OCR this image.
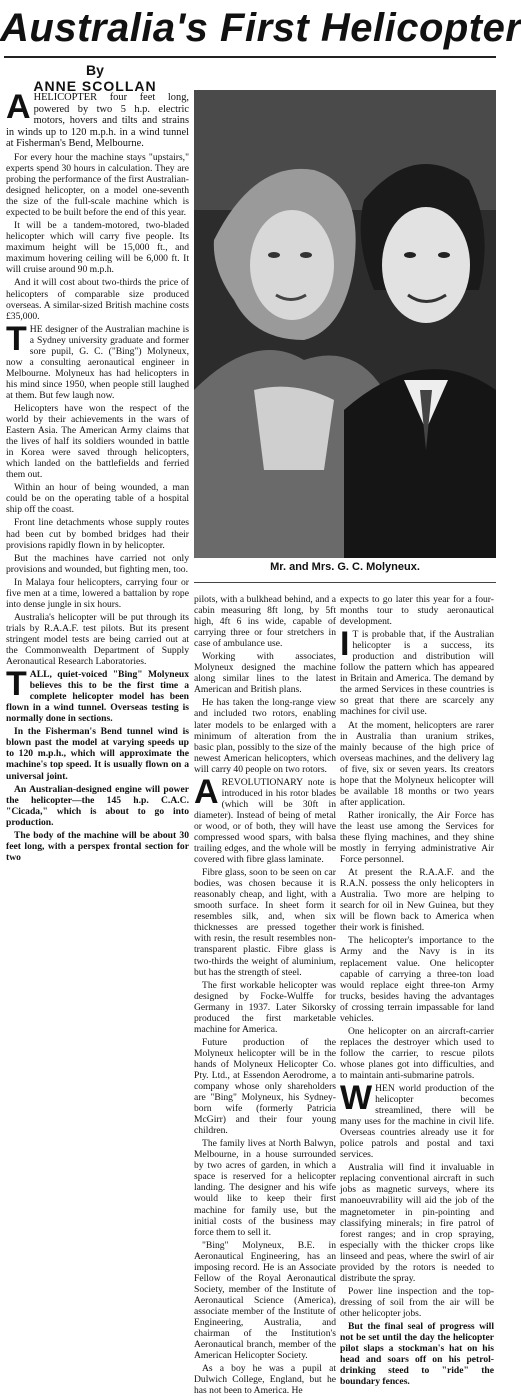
Australia's First Helicopter
By
ANNE SCOLLAN

AHELICOPTER four feet long, powered by two 5 h.p. electric motors, hovers and tilts and strains in winds up to 120 m.p.h. in a wind tunnel at Fisherman's Bend, Melbourne.

For every hour the machine stays "upstairs," experts spend 30 hours in calculation. They are probing the performance of the first Australian-designed helicopter, on a model one-seventh the size of the full-scale machine which is expected to be built before the end of this year.

It will be a tandem-motored, two-bladed helicopter which will carry five people. Its maximum height will be 15,000 ft., and maximum hovering ceiling will be 6,000 ft. It will cruise around 90 m.p.h.

And it will cost about two-thirds the price of helicopters of comparable size produced overseas. A similar-sized British machine costs £35,000.

THE designer of the Australian machine is a Sydney university graduate and former sore pupil, G. C. ("Bing") Molyneux, now a consulting aeronautical engineer in Melbourne. Molyneux has had helicopters in his mind since 1950, when people still laughed at them. But few laugh now.

Helicopters have won the respect of the world by their achievements in the wars of Eastern Asia. The American Army claims that the lives of half its soldiers wounded in battle in Korea were saved through helicopters, which landed on the battlefields and ferried them out.

Within an hour of being wounded, a man could be on the operating table of a hospital ship off the coast.

Front line detachments whose supply routes had been cut by bombed bridges had their provisions rapidly flown in by helicopter.

But the machines have carried not only provisions and wounded, but fighting men, too.

In Malaya four helicopters, carrying four or five men at a time, lowered a battalion by rope into dense jungle in six hours.

Australia's helicopter will be put through its trials by R.A.A.F. test pilots. But its present stringent model tests are being carried out at the Commonwealth Department of Supply Aeronautical Research Laboratories.

TALL, quiet-voiced "Bing" Molyneux believes this to be the first time a complete helicopter model has been flown in a wind tunnel. Overseas testing is normally done in sections.

In the Fisherman's Bend tunnel wind is blown past the model at varying speeds up to 120 m.p.h., which will approximate the machine's top speed. It is usually flown on a universal joint.

An Australian-designed engine will power the helicopter—the 145 h.p. C.A.C. "Cicada," which is about to go into production.

The body of the machine will be about 30 feet long, with a perspex frontal section for two

Mr. and Mrs. G. C. Molyneux.

pilots, with a bulkhead behind, and a cabin measuring 8ft long, by 5ft high, 4ft 6 ins wide, capable of carrying three or four stretchers in case of ambulance use.

Working with associates, Molyneux designed the machine along similar lines to the latest American and British plans.

He has taken the long-range view and included two rotors, enabling later models to be enlarged with a minimum of alteration from the basic plan, possibly to the size of the newest American helicopters, which will carry 40 people on two rotors.

AREVOLUTIONARY note is introduced in his rotor blades (which will be 30ft in diameter). Instead of being of metal or wood, or of both, they will have compressed wood spars, with balsa trailing edges, and the whole will be covered with fibre glass laminate.

Fibre glass, soon to be seen on car bodies, was chosen because it is reasonably cheap, and light, with a smooth surface. In sheet form it resembles silk, and, when six thicknesses are pressed together with resin, the result resembles non-transparent plastic. Fibre glass is two-thirds the weight of aluminium, but has the strength of steel.

The first workable helicopter was designed by Focke-Wulffe for Germany in 1937. Later Sikorsky produced the first marketable machine for America.

Future production of the Molyneux helicopter will be in the hands of Molyneux Helicopter Co. Pty. Ltd., at Essendon Aerodrome, a company whose only shareholders are "Bing" Molyneux, his Sydney-born wife (formerly Patricia McGirr) and their four young children.

The family lives at North Balwyn, Melbourne, in a house surrounded by two acres of garden, in which a space is reserved for a helicopter landing. The designer and his wife would like to keep their first machine for family use, but the initial costs of the business may force them to sell it.

"Bing" Molyneux, B.E. in Aeronautical Engineering, has an imposing record. He is an Associate Fellow of the Royal Aeronautical Society, member of the Institute of Aeronautical Science (America), associate member of the Institute of Engineering, Australia, and chairman of the Institution's Aeronautical branch, member of the American Helicopter Society.

As a boy he was a pupil at Dulwich College, England, but he has not been to America. He

expects to go later this year for a four-months tour to study aeronautical development.

I T is probable that, if the Australian helicopter is a success, its production and distribution will follow the pattern which has appeared in Britain and America. The demand by the armed Services in these countries is so great that there are scarcely any machines for civil use.

At the moment, helicopters are rarer in Australia than uranium strikes, mainly because of the high price of overseas machines, and the delivery lag of five, six or seven years. Its creators hope that the Molyneux helicopter will be available 18 months or two years after application.

Rather ironically, the Air Force has the least use among the Services for these flying machines, and they shine mostly in ferrying administrative Air Force personnel.

At present the R.A.A.F. and the R.A.N. possess the only helicopters in Australia. Two more are helping to search for oil in New Guinea, but they will be flown back to America when their work is finished.

The helicopter's importance to the Army and the Navy is in its replacement value. One helicopter capable of carrying a three-ton load would replace eight three-ton Army trucks, besides having the advantages of crossing terrain impassable for land vehicles.

One helicopter on an aircraft-carrier replaces the destroyer which used to follow the carrier, to rescue pilots whose planes got into difficulties, and to maintain anti-submarine patrols.

WHEN world production of the helicopter becomes streamlined, there will be many uses for the machine in civil life. Overseas countries already use it for police patrols and postal and taxi services.

Australia will find it invaluable in replacing conventional aircraft in such jobs as magnetic surveys, where its manoeuvrability will aid the job of the magnetometer in pin-pointing and classifying minerals; in fire patrol of forest ranges; and in crop spraying, especially with the thicker crops like linseed and peas, where the swirl of air provided by the rotors is needed to distribute the spray.

Power line inspection and the top-dressing of soil from the air will be other helicopter jobs.

But the final seal of progress will not be set until the day the helicopter pilot slaps a stockman's hat on his head and soars off on his petrol-drinking steed to "ride" the boundary fences.
